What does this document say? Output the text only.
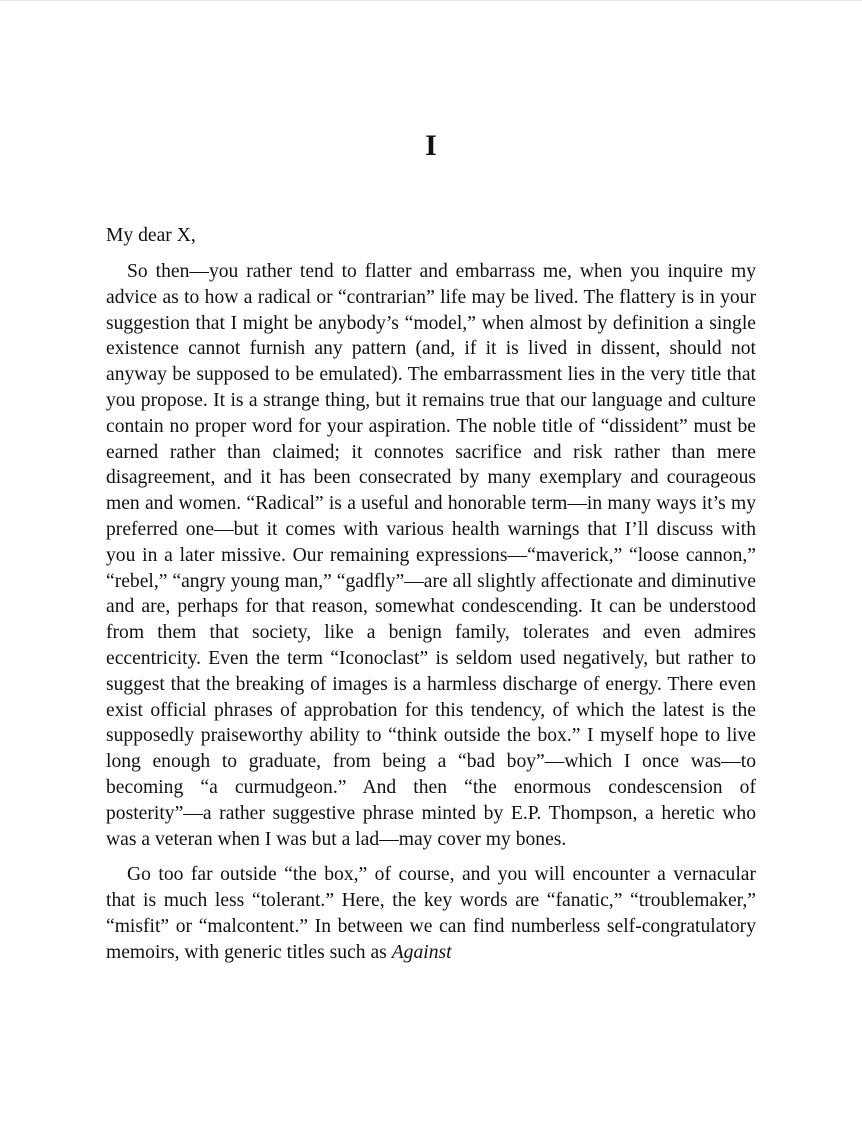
I

My dear X,

So then—you rather tend to flatter and embarrass me, when you inquire my advice as to how a radical or “contrarian” life may be lived. The flattery is in your suggestion that I might be anybody’s “model,” when almost by definition a single existence cannot furnish any pattern (and, if it is lived in dissent, should not anyway be supposed to be emulated). The embarrassment lies in the very title that you propose. It is a strange thing, but it remains true that our language and culture contain no proper word for your aspiration. The noble title of “dissident” must be earned rather than claimed; it connotes sacrifice and risk rather than mere disagreement, and it has been consecrated by many exemplary and courageous men and women. “Radical” is a useful and honorable term—in many ways it’s my preferred one—but it comes with various health warnings that I’ll discuss with you in a later missive. Our remaining expressions—“maverick,” “loose cannon,” “rebel,” “angry young man,” “gadfly”—are all slightly affectionate and diminutive and are, perhaps for that reason, somewhat condescending. It can be understood from them that society, like a benign family, tolerates and even admires eccentricity. Even the term “Iconoclast” is seldom used negatively, but rather to suggest that the breaking of images is a harmless discharge of energy. There even exist official phrases of approbation for this tendency, of which the latest is the supposedly praiseworthy ability to “think outside the box.” I myself hope to live long enough to graduate, from being a “bad boy”—which I once was—to becoming “a curmudgeon.” And then “the enormous condescension of posterity”—a rather suggestive phrase minted by E.P. Thompson, a heretic who was a veteran when I was but a lad—may cover my bones.

Go too far outside “the box,” of course, and you will encounter a vernacular that is much less “tolerant.” Here, the key words are “fanatic,” “troublemaker,” “misfit” or “malcontent.” In between we can find numberless self-congratulatory memoirs, with generic titles such as Against
